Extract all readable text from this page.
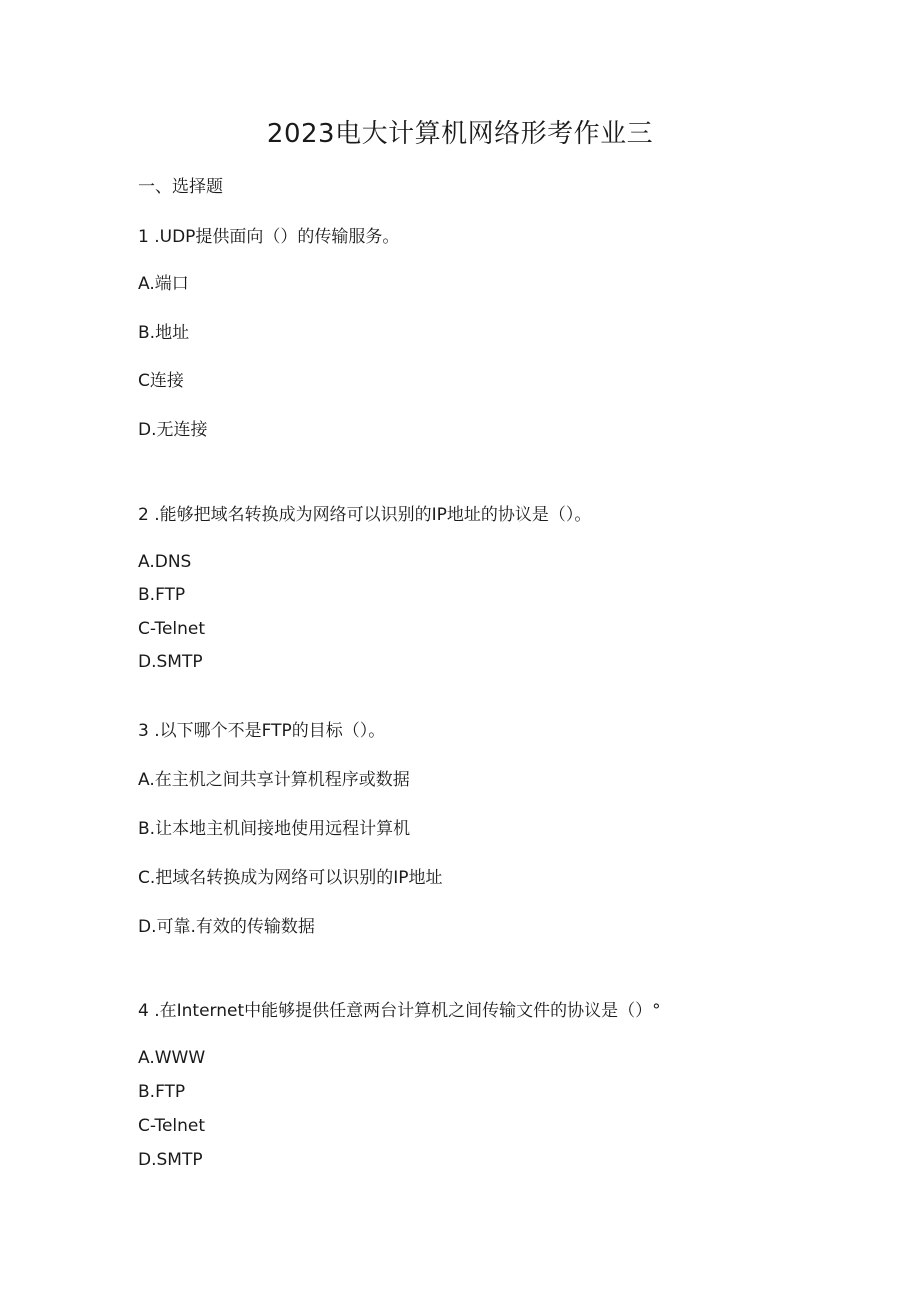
2023电大计算机网络形考作业三
一、选择题
1 .UDP提供面向（）的传输服务。
A.端口
B.地址
C连接
D.无连接
2 .能够把域名转换成为网络可以识别的IP地址的协议是（）。
A.DNS
B.FTP
C-Telnet
D.SMTP
3 .以下哪个不是FTP的目标（）。
A.在主机之间共享计算机程序或数据
B.让本地主机间接地使用远程计算机
C.把域名转换成为网络可以识别的IP地址
D.可靠.有效的传输数据
4 .在Internet中能够提供任意两台计算机之间传输文件的协议是（）°
A.WWW
B.FTP
C-Telnet
D.SMTP
